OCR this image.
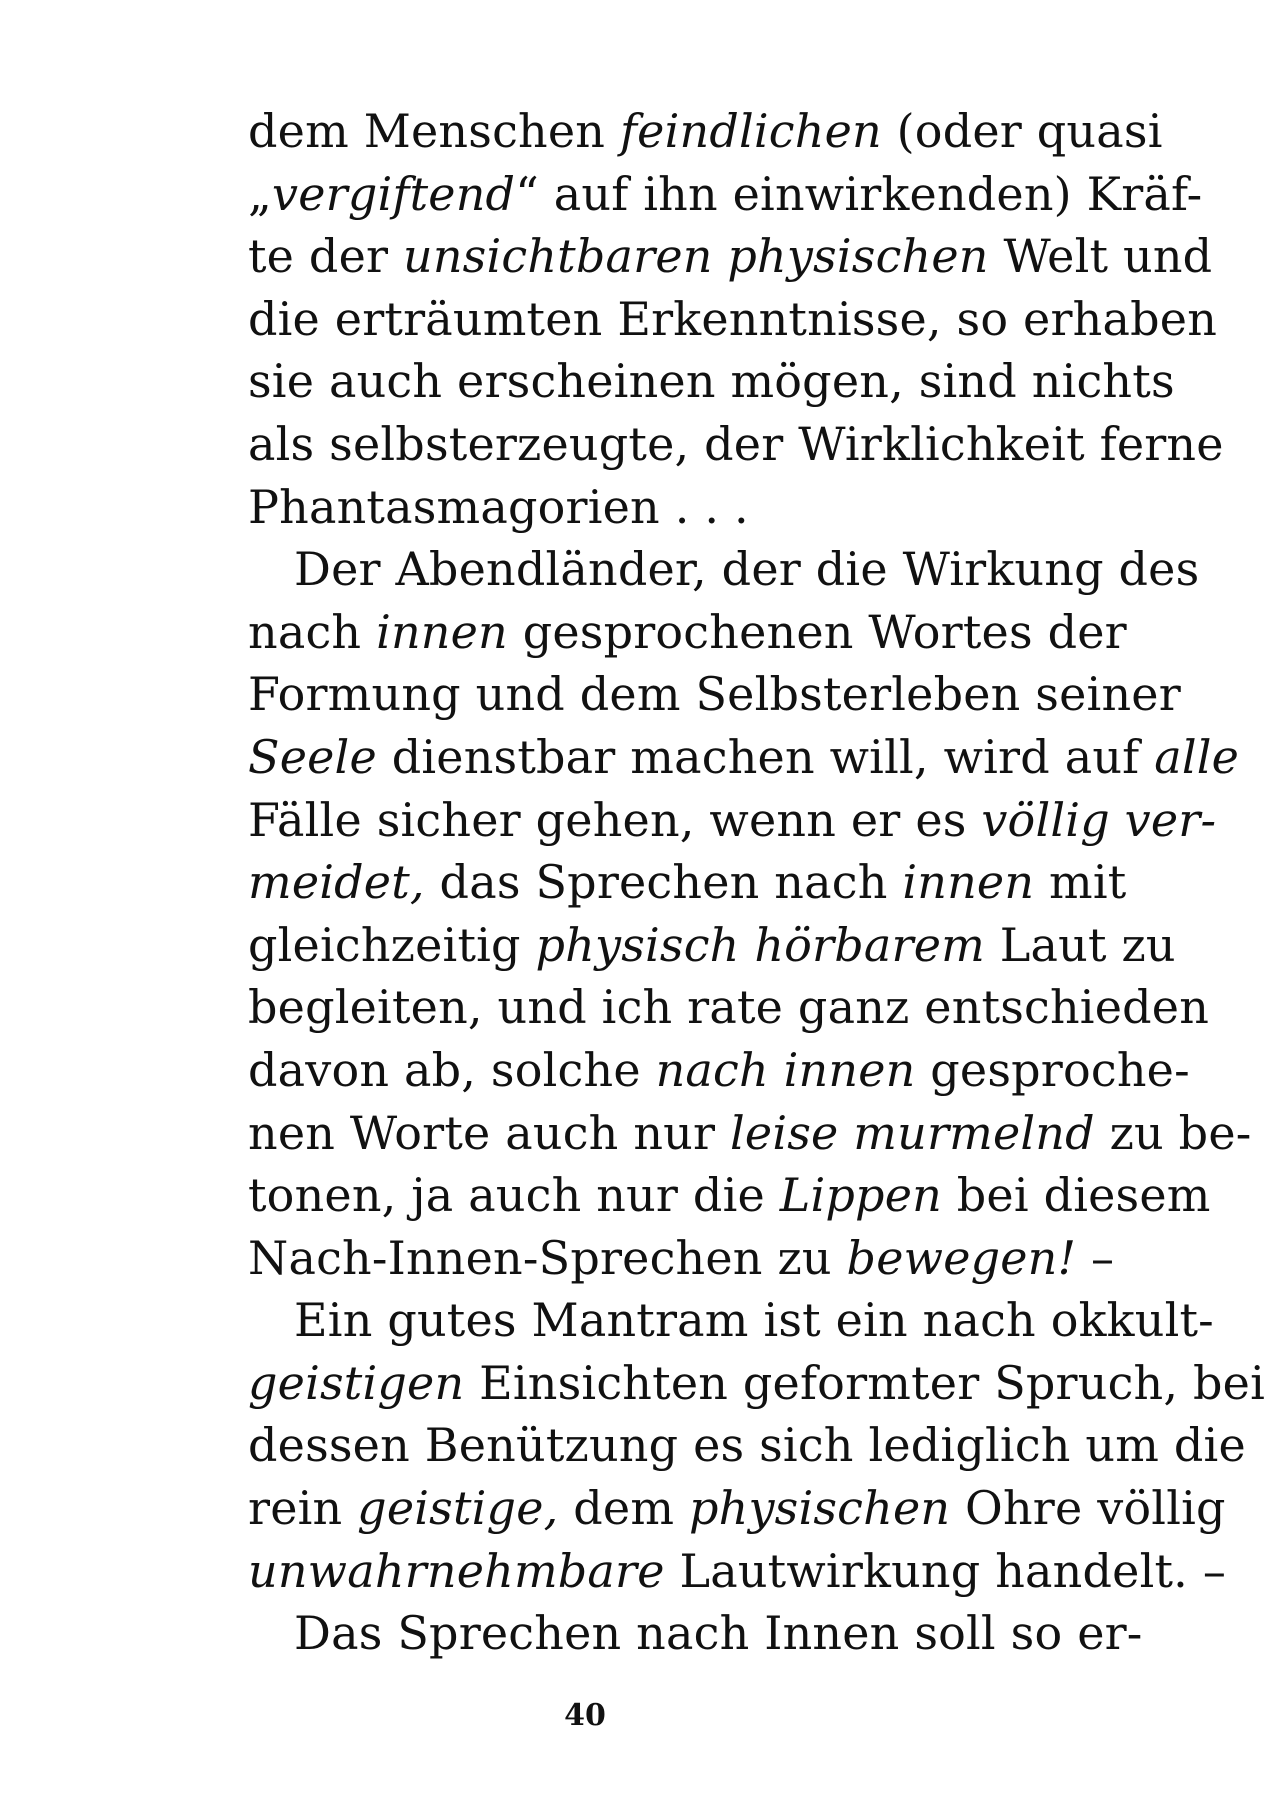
dem Menschen feindlichen (oder quasi
„vergiftend“ auf ihn einwirkenden) Kräf-
te der unsichtbaren physischen Welt und
die erträumten Erkenntnisse, so erhaben
sie auch erscheinen mögen, sind nichts
als selbsterzeugte, der Wirklichkeit ferne
Phantasmagorien . . .
Der Abendländer, der die Wirkung des
nach innen gesprochenen Wortes der
Formung und dem Selbsterleben seiner
Seele dienstbar machen will, wird auf alle
Fälle sicher gehen, wenn er es völlig ver-
meidet, das Sprechen nach innen mit
gleichzeitig physisch hörbarem Laut zu
begleiten, und ich rate ganz entschieden
davon ab, solche nach innen gesproche-
nen Worte auch nur leise murmelnd zu be-
tonen, ja auch nur die Lippen bei diesem
Nach-Innen-Sprechen zu bewegen! –
Ein gutes Mantram ist ein nach okkult-
geistigen Einsichten geformter Spruch, bei
dessen Benützung es sich lediglich um die
rein geistige, dem physischen Ohre völlig
unwahrnehmbare Lautwirkung handelt. –
Das Sprechen nach Innen soll so er-
40
